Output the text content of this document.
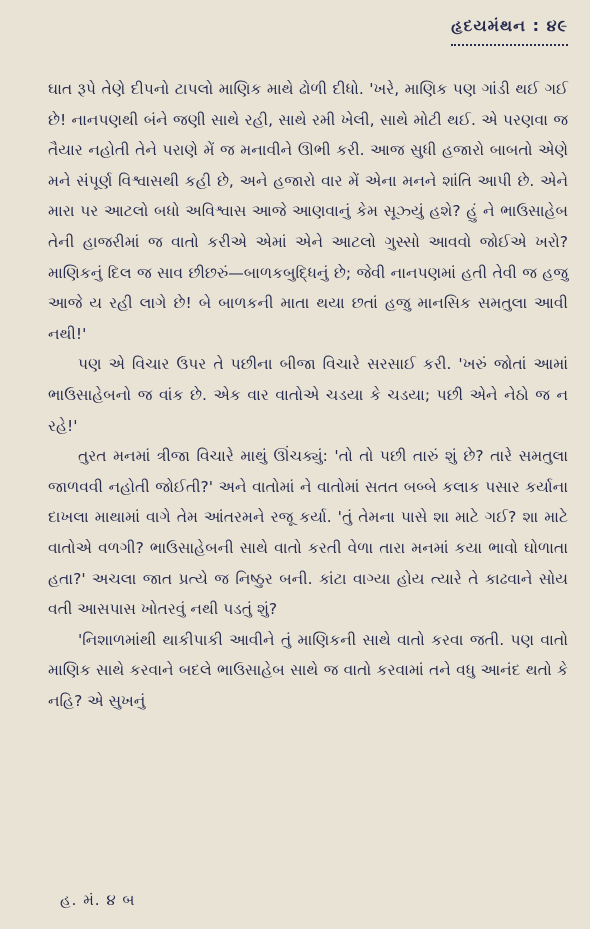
હૃદયમંથન : ૪૯

ઘાત રૂપે તેણે દીપનો ટાપલો માણિક માથે ઢોળી દીધો. 'ખરે, માણિક પણ ગાંડી થઈ ગઈ છે! નાનપણથી બંને જણી સાથે રહી, સાથે રમી ખેલી, સાથે મોટી થઈ. એ પરણવા જ તૈયાર નહોતી તેને પરાણે મેં જ મનાવીને ઊભી કરી. આજ સુધી હજારો બાબતો એણે મને સંપૂર્ણ વિશ્વાસથી કહી છે, અને હજારો વાર મેં એના મનને શાંતિ આપી છે. એને મારા પર આટલો બધો અવિશ્વાસ આજે આણવાનું કેમ સૂઝ્યું હશે? હું ને ભાઉસાહેબ તેની હાજરીમાં જ વાતો કરીએ એમાં એને આટલો ગુસ્સો આવવો જોઈએ ખરો? માણિકનું દિલ જ સાવ છીછરું—બાળકબુદ્ધિનું છે; જેવી નાનપણમાં હતી તેવી જ હજુ આજે ય રહી લાગે છે! બે બાળકની માતા થયા છતાં હજુ માનસિક સમતુલા આવી નથી!'

પણ એ વિચાર ઉપર તે પછીના બીજા વિચારે સરસાઈ કરી. 'ખરું જોતાં આમાં ભાઉસાહેબનો જ વાંક છે. એક વાર વાતોએ ચડયા કે ચડયા; પછી એને નેઠો જ ન રહે!'

તુરત મનમાં ત્રીજા વિચારે માથું ઊંચક્યું: 'તો તો પછી તારું શું છે? તારે સમતુલા જાળવવી નહોતી જોઈતી?' અને વાતોમાં ને વાતોમાં સતત બબ્બે કલાક પસાર કર્યાના દાખલા માથામાં વાગે તેમ આંતરમને રજૂ કર્યા. 'તું તેમના પાસે શા માટે ગઈ? શા માટે વાતોએ વળગી? ભાઉસાહેબની સાથે વાતો કરતી વેળા તારા મનમાં કયા ભાવો ઘોળાતા હતા?' અચલા જાત પ્રત્યે જ નિષ્ઠુર બની. કાંટા વાગ્યા હોય ત્યારે તે કાઢવાને સોય વતી આસપાસ ખોતરવું નથી પડતું શું?

'નિશાળમાંથી થાકીપાકી આવીને તું માણિકની સાથે વાતો કરવા જતી. પણ વાતો માણિક સાથે કરવાને બદલે ભાઉસાહેબ સાથે જ વાતો કરવામાં તને વધુ આનંદ થતો કે નહિ? એ સુખનું

હ. મં. ૪ બ
